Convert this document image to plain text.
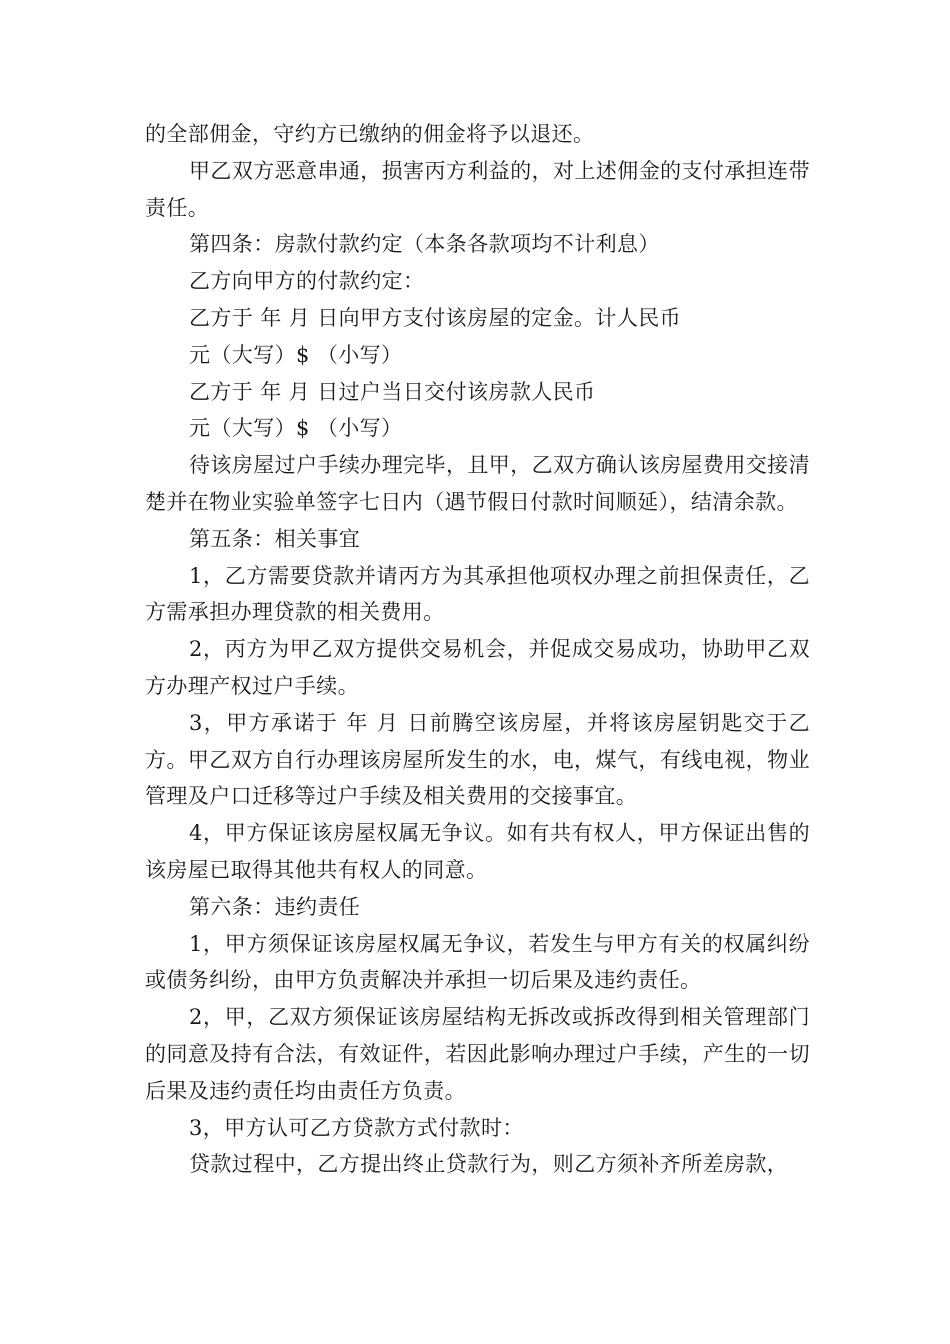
的全部佣金，守约方已缴纳的佣金将予以退还。

甲乙双方恶意串通，损害丙方利益的，对上述佣金的支付承担连带责任。

第四条：房款付款约定（本条各款项均不计利息）

乙方向甲方的付款约定：

乙方于 年 月 日向甲方支付该房屋的定金。计人民币

元（大写）$ （小写）

乙方于 年 月 日过户当日交付该房款人民币

元（大写）$ （小写）

待该房屋过户手续办理完毕，且甲，乙双方确认该房屋费用交接清楚并在物业实验单签字七日内（遇节假日付款时间顺延），结清余款。

第五条：相关事宜

1，乙方需要贷款并请丙方为其承担他项权办理之前担保责任，乙方需承担办理贷款的相关费用。

2，丙方为甲乙双方提供交易机会，并促成交易成功，协助甲乙双方办理产权过户手续。

3，甲方承诺于 年 月 日前腾空该房屋，并将该房屋钥匙交于乙方。甲乙双方自行办理该房屋所发生的水，电，煤气，有线电视，物业管理及户口迁移等过户手续及相关费用的交接事宜。

4，甲方保证该房屋权属无争议。如有共有权人，甲方保证出售的该房屋已取得其他共有权人的同意。

第六条：违约责任

1，甲方须保证该房屋权属无争议，若发生与甲方有关的权属纠纷或债务纠纷，由甲方负责解决并承担一切后果及违约责任。

2，甲，乙双方须保证该房屋结构无拆改或拆改得到相关管理部门的同意及持有合法，有效证件，若因此影响办理过户手续，产生的一切后果及违约责任均由责任方负责。

3，甲方认可乙方贷款方式付款时：

贷款过程中，乙方提出终止贷款行为，则乙方须补齐所差房款，
